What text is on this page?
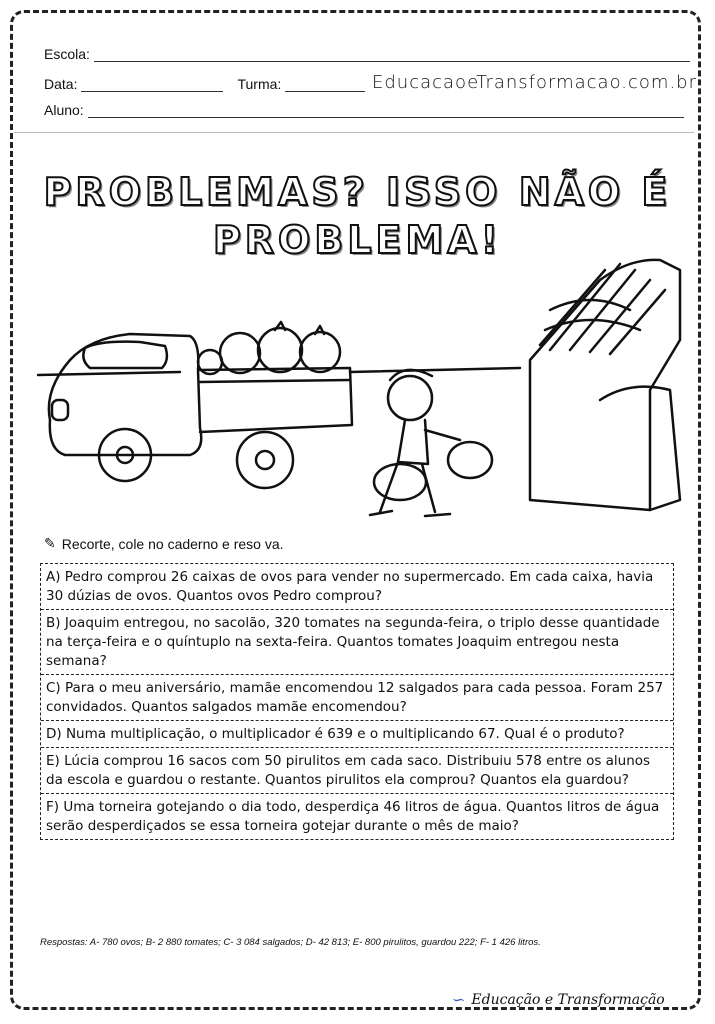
Escola:
Data:	Turma:	EducacaoeTransformacao.com.br
Aluno:
PROBLEMAS? ISSO NÃO É
PROBLEMA!
✎ Recorte, cole no caderno e reso va.
A) Pedro comprou 26 caixas de ovos para vender no supermercado. Em cada caixa, havia 30 dúzias de ovos. Quantos ovos Pedro comprou?
B) Joaquim entregou, no sacolão, 320 tomates na segunda-feira, o triplo desse quantidade na terça-feira e o quíntuplo na sexta-feira. Quantos tomates Joaquim entregou nesta semana?
C) Para o meu aniversário, mamãe encomendou 12 salgados para cada pessoa. Foram 257 convidados. Quantos salgados mamãe encomendou?
D) Numa multiplicação, o multiplicador é 639 e o multiplicando 67. Qual é o produto?
E) Lúcia comprou 16 sacos com 50 pirulitos em cada saco. Distribuiu 578 entre os alunos da escola e guardou o restante. Quantos pirulitos ela comprou? Quantos ela guardou?
F) Uma torneira gotejando o dia todo, desperdiça 46 litros de água. Quantos litros de água serão desperdiçados se essa torneira gotejar durante o mês de maio?
Respostas: A- 780 ovos; B- 2 880 tomates; C- 3 084 salgados; D- 42 813; E- 800 pirulitos, guardou 222; F- 1 426 litros.
∽ Educação e Transformação
